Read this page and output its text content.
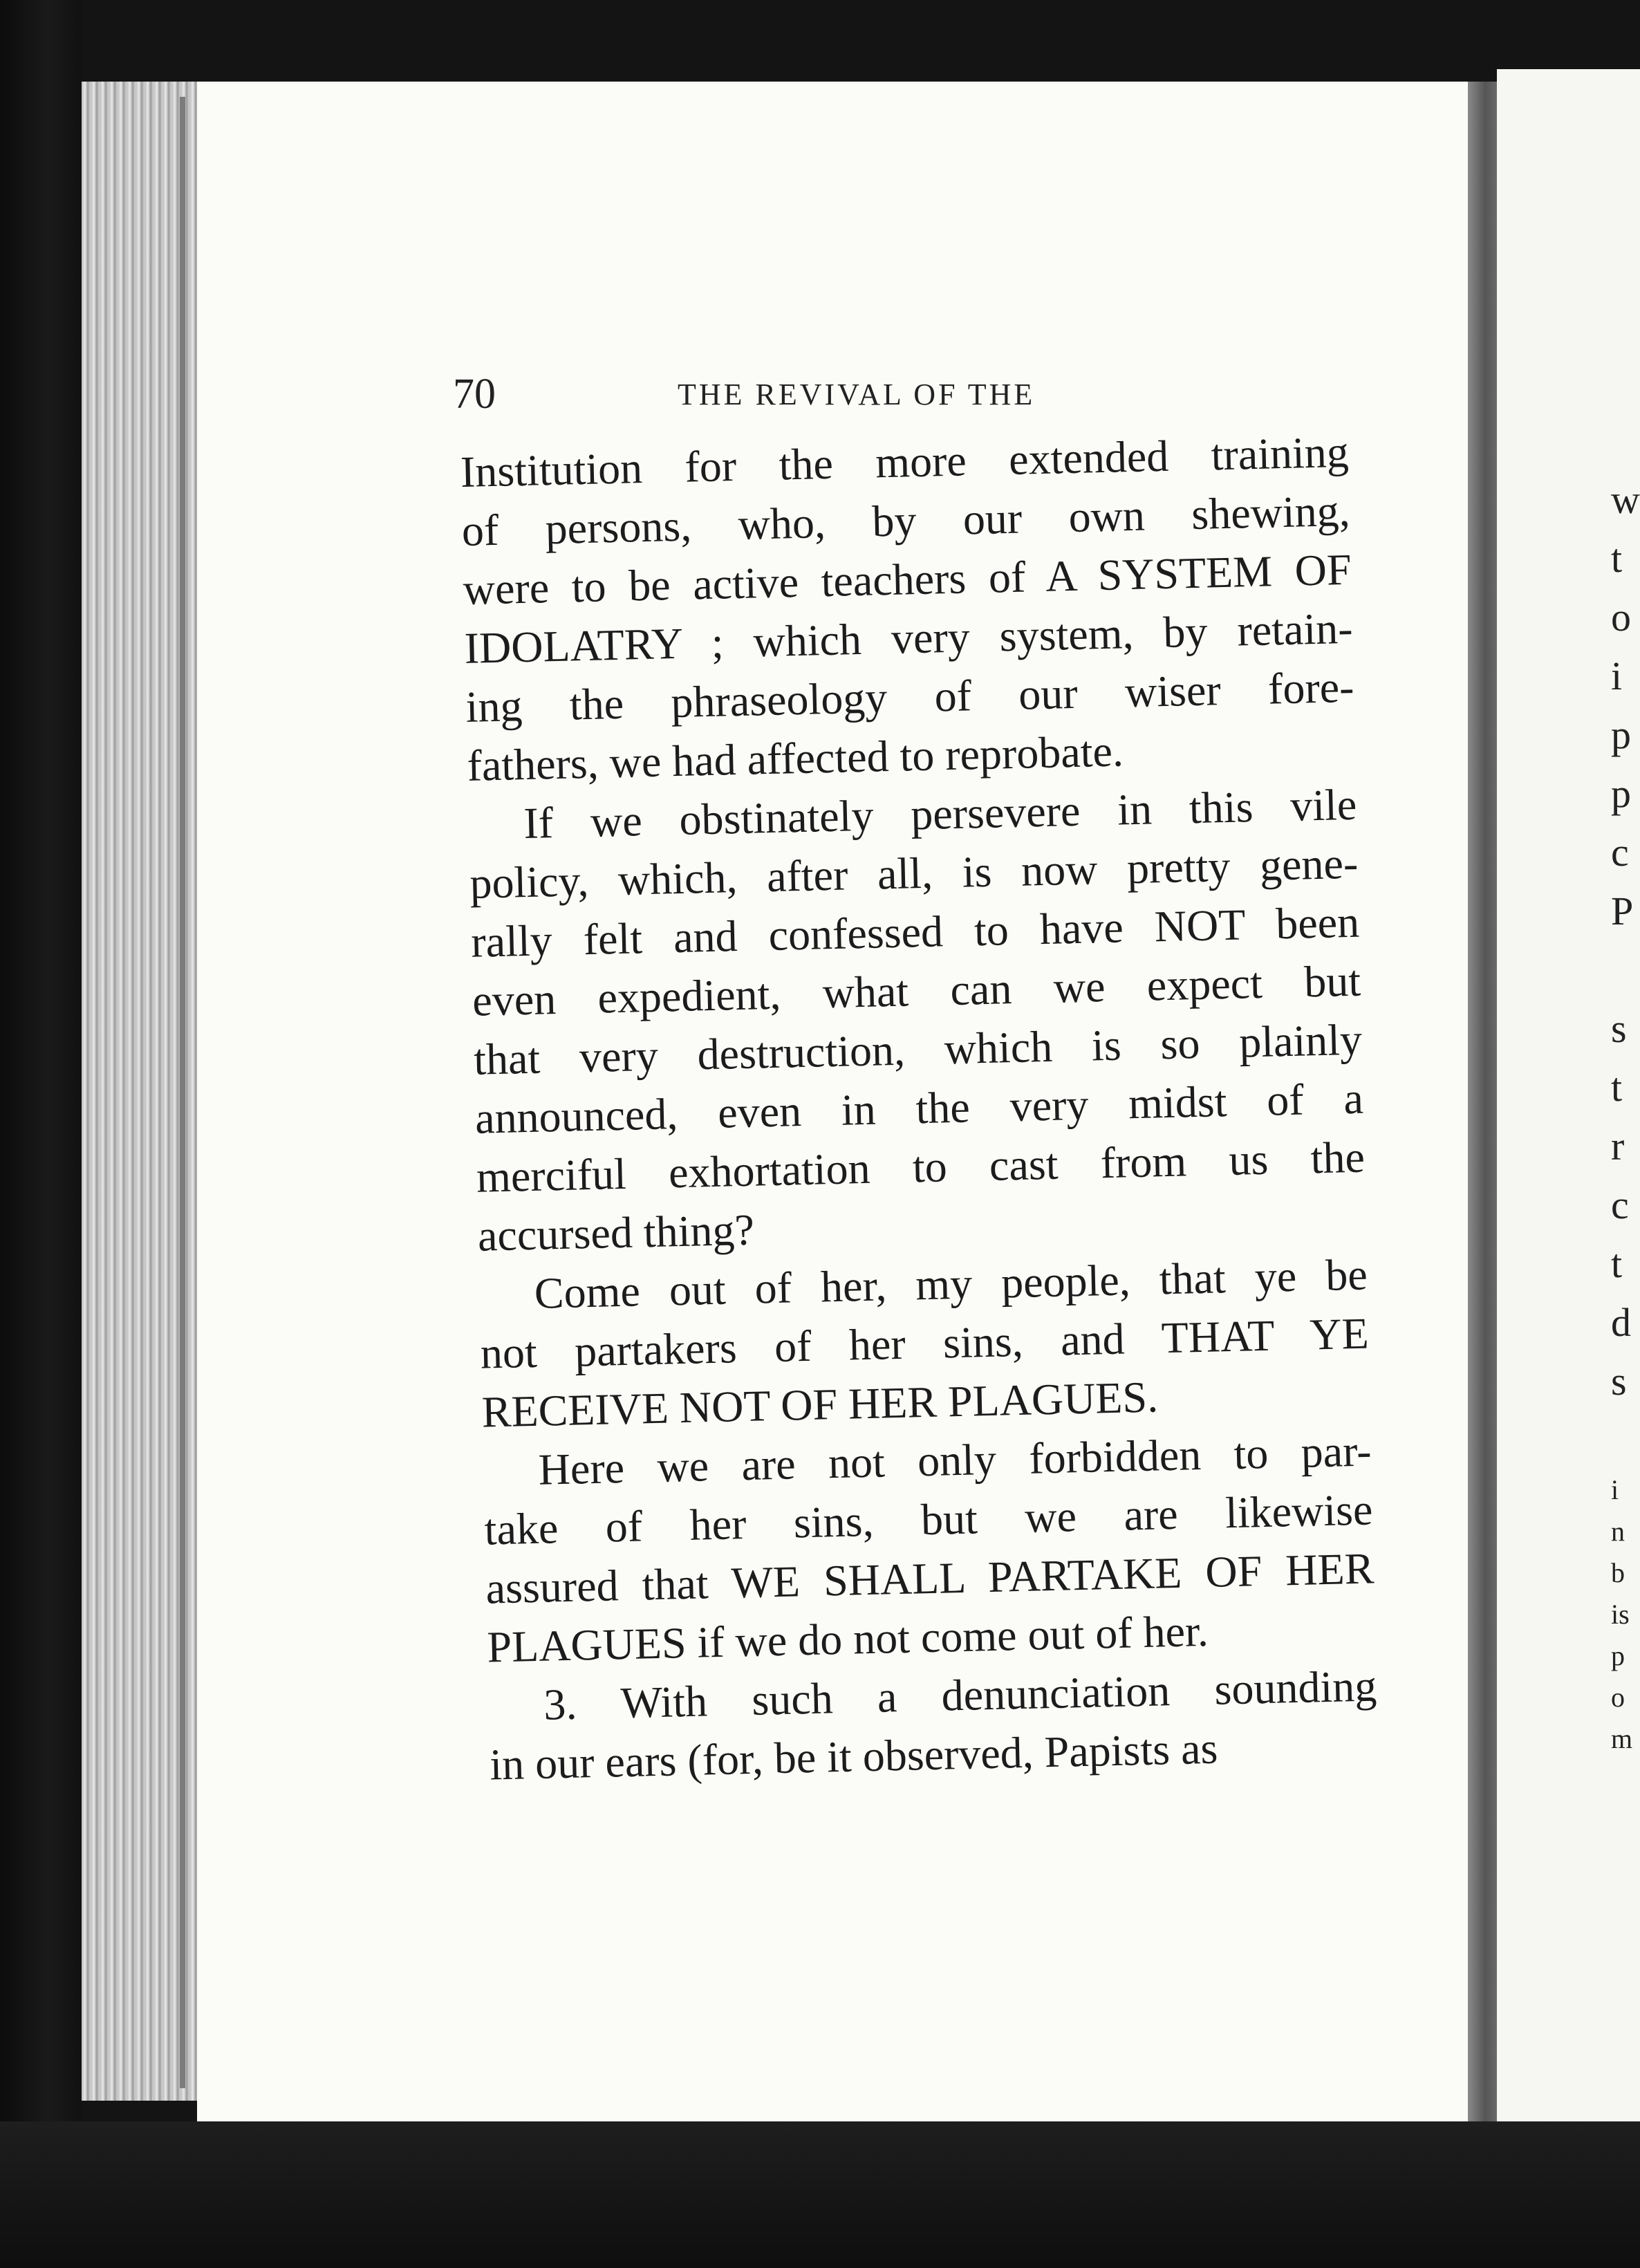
70	THE REVIVAL OF THE

Institution for the more extended training
of persons, who, by our own shewing,
were to be active teachers of A SYSTEM OF
IDOLATRY ; which very system, by retain-
ing the phraseology of our wiser fore-
fathers, we had affected to reprobate.

If we obstinately persevere in this vile
policy, which, after all, is now pretty gene-
rally felt and confessed to have NOT been
even expedient, what can we expect but
that very destruction, which is so plainly
announced, even in the very midst of a
merciful exhortation to cast from us the
accursed thing?

Come out of her, my people, that ye be
not partakers of her sins, and THAT YE
RECEIVE NOT OF HER PLAGUES.

Here we are not only forbidden to par-
take of her sins, but we are likewise
assured that WE SHALL PARTAKE OF HER
PLAGUES if we do not come out of her.

3. With such a denunciation sounding
in our ears (for, be it observed, Papists as

w
t
o
i
p
p
c
P

s
t
r
c
t
d
s

i
n
b
is
p
o
m
